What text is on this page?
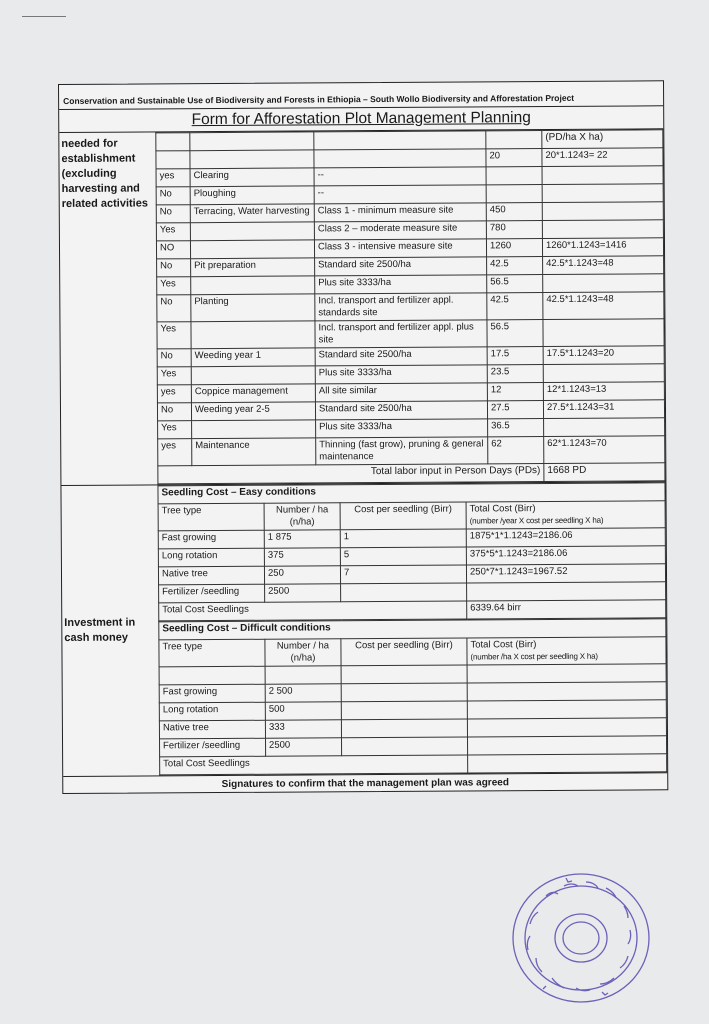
Conservation and Sustainable Use of Biodiversity and Forests in Ethiopia – South Wollo Biodiversity and Afforestation Project
Form for Afforestation Plot Management Planning
needed for establishment (excluding harvesting and related activities
				(PD/ha X ha)
			20	20*1.1243= 22
yes	Clearing	--		
No	Ploughing	--		
No	Terracing, Water harvesting	Class 1 - minimum measure site	450	
Yes		Class 2 – moderate measure site	780	
NO		Class 3 - intensive measure site	1260	1260*1.1243=1416
No	Pit preparation	Standard site 2500/ha	42.5	42.5*1.1243=48
Yes		Plus site 3333/ha	56.5	
No	Planting	Incl. transport and fertilizer appl. standards site	42.5	42.5*1.1243=48
Yes		Incl. transport and fertilizer appl. plus site	56.5	
No	Weeding year 1	Standard site 2500/ha	17.5	17.5*1.1243=20
Yes		Plus site 3333/ha	23.5	
yes	Coppice management	All site similar	12	12*1.1243=13
No	Weeding year 2-5	Standard site 2500/ha	27.5	27.5*1.1243=31
Yes		Plus site 3333/ha	36.5	
yes	Maintenance	Thinning (fast grow), pruning & general maintenance	62	62*1.1243=70
Total labor input in Person Days (PDs)				1668 PD
Investment in cash money
Seedling Cost – Easy conditions			
Tree type	Number / ha (n/ha)	Cost per seedling (Birr)	Total Cost (Birr)
(number /year X cost per seedling X ha)

Fast growing	1 875	1	1875*1*1.1243=2186.06
Long rotation	375	5	375*5*1.1243=2186.06
Native tree	250	7	250*7*1.1243=1967.52
Fertilizer /seedling	2500		
Total Cost Seedlings			6339.64 birr
Seedling Cost – Difficult conditions			
Tree type	Number / ha (n/ha)	Cost per seedling (Birr)	Total Cost (Birr)
(number /ha X cost per seedling X ha)

Fast growing	2 500		
Long rotation	500		
Native tree	333		
Fertilizer /seedling	2500		
Total Cost Seedlings			
Signatures to confirm that the management plan was agreed
